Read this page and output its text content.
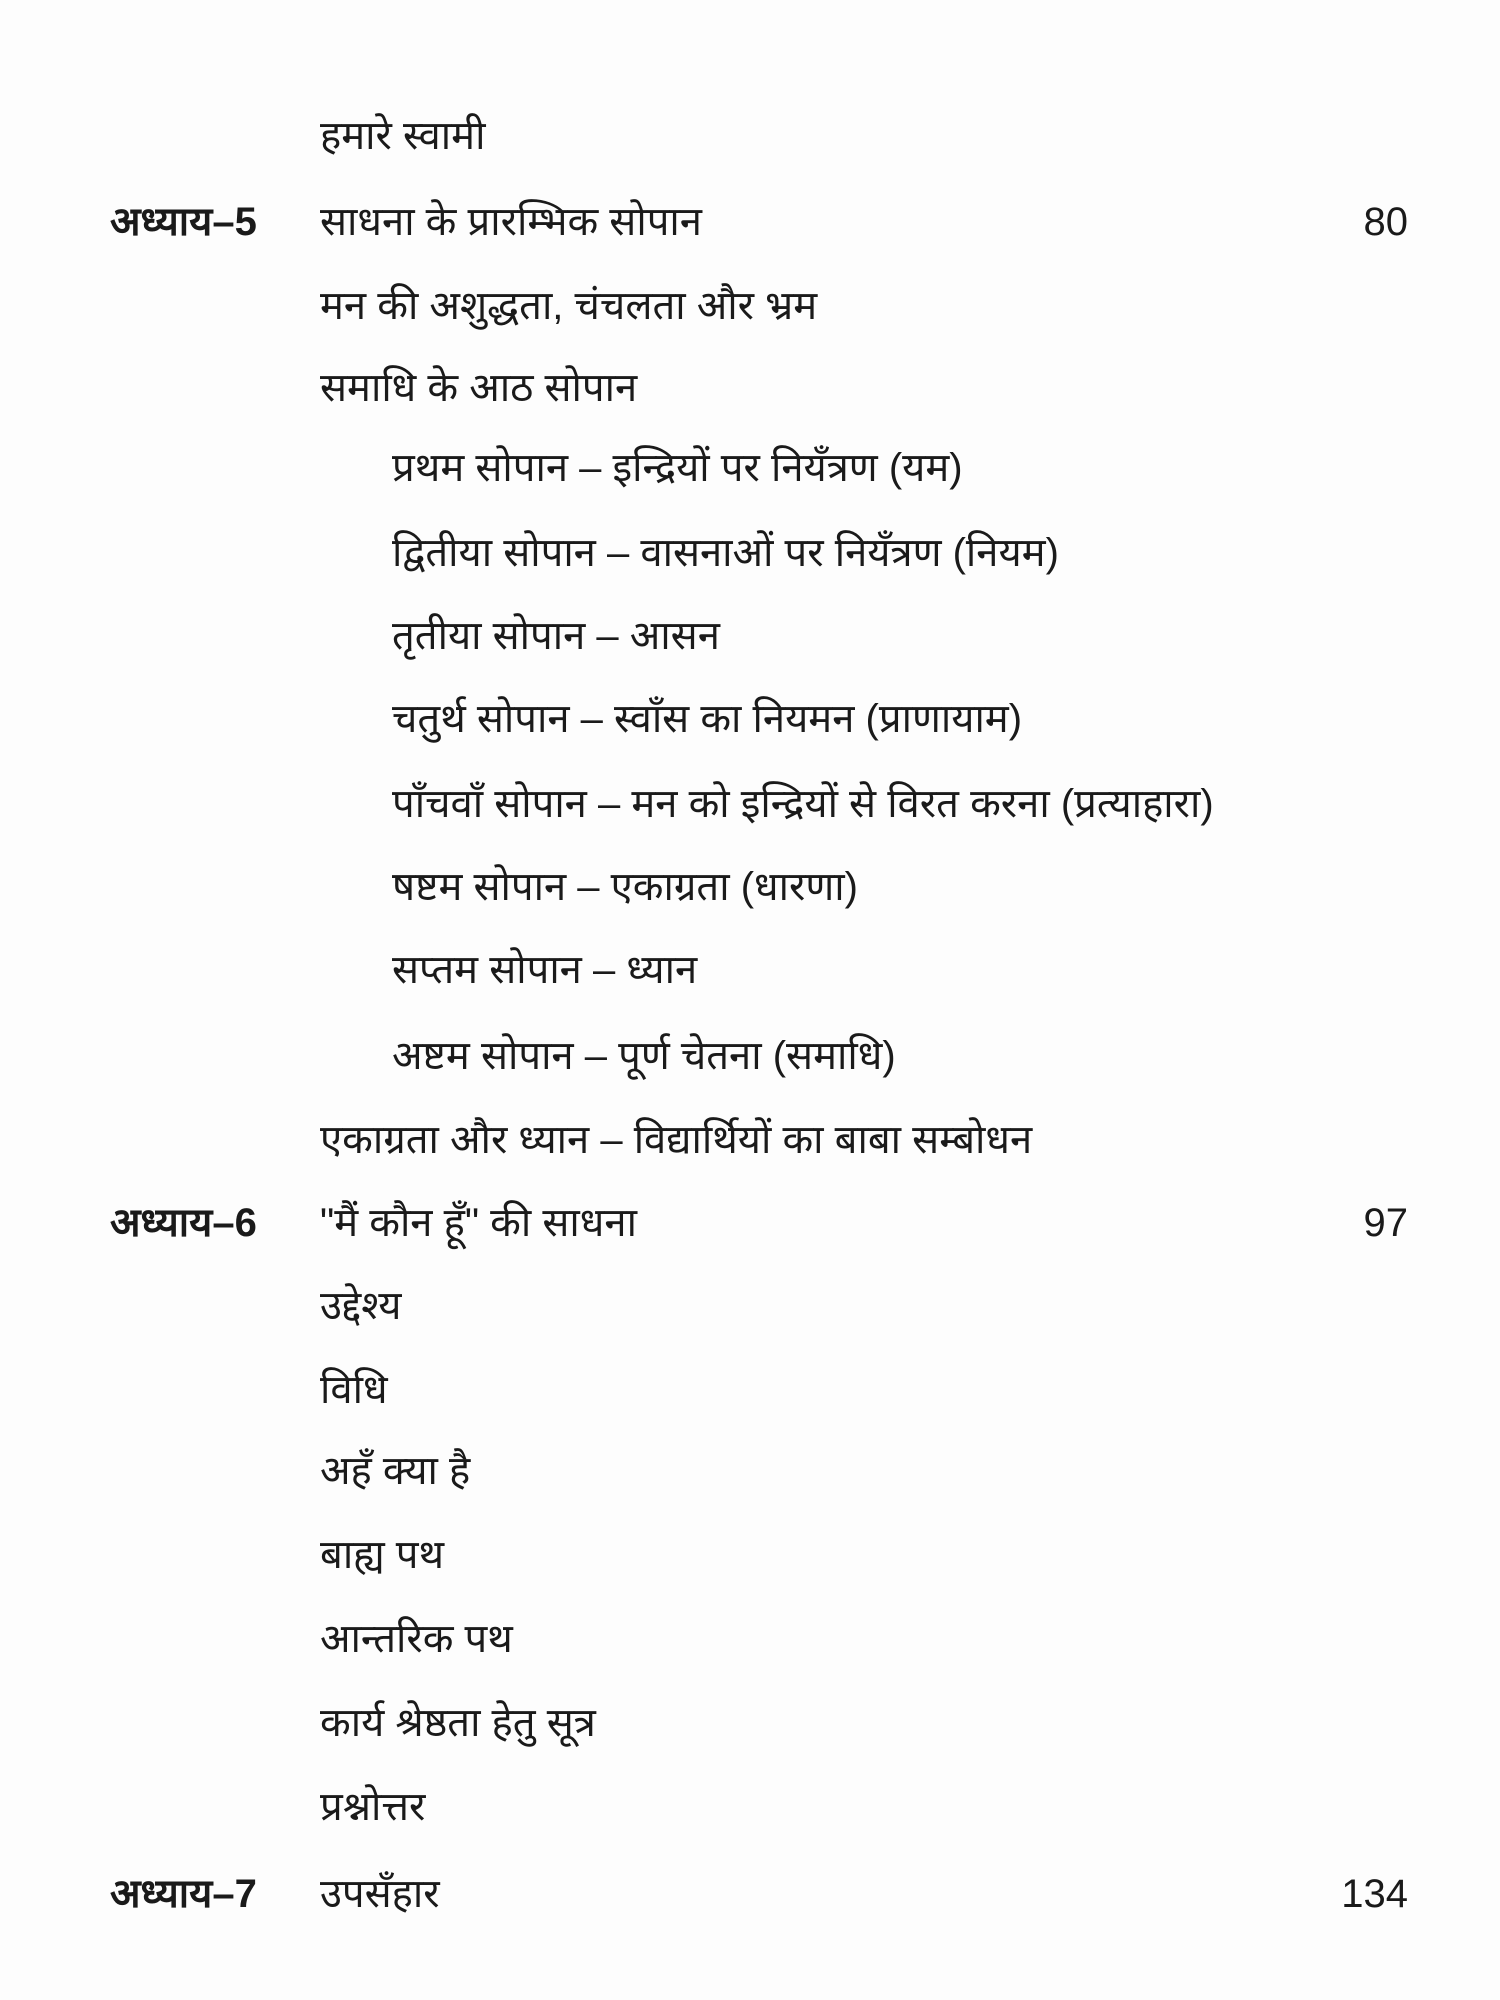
हमारे स्वामी
अध्याय–5 साधना के प्रारम्भिक सोपान	80
मन की अशुद्धता, चंचलता और भ्रम
समाधि के आठ सोपान
प्रथम सोपान – इन्द्रियों पर नियँत्रण (यम)
द्वितीया सोपान – वासनाओं पर नियँत्रण (नियम)
तृतीया सोपान – आसन
चतुर्थ सोपान – स्वाँस का नियमन (प्राणायाम)
पाँचवाँ सोपान – मन को इन्द्रियों से विरत करना (प्रत्याहारा)
षष्टम सोपान – एकाग्रता (धारणा)
सप्तम सोपान – ध्यान
अष्टम सोपान – पूर्ण चेतना (समाधि)
एकाग्रता और ध्यान – विद्यार्थियों का बाबा सम्बोधन
अध्याय–6 "मैं कौन हूँ" की साधना	97
उद्देश्य
विधि
अहँ क्या है
बाह्य पथ
आन्तरिक पथ
कार्य श्रेष्ठता हेतु सूत्र
प्रश्नोत्तर
अध्याय–7 उपसँहार	134
